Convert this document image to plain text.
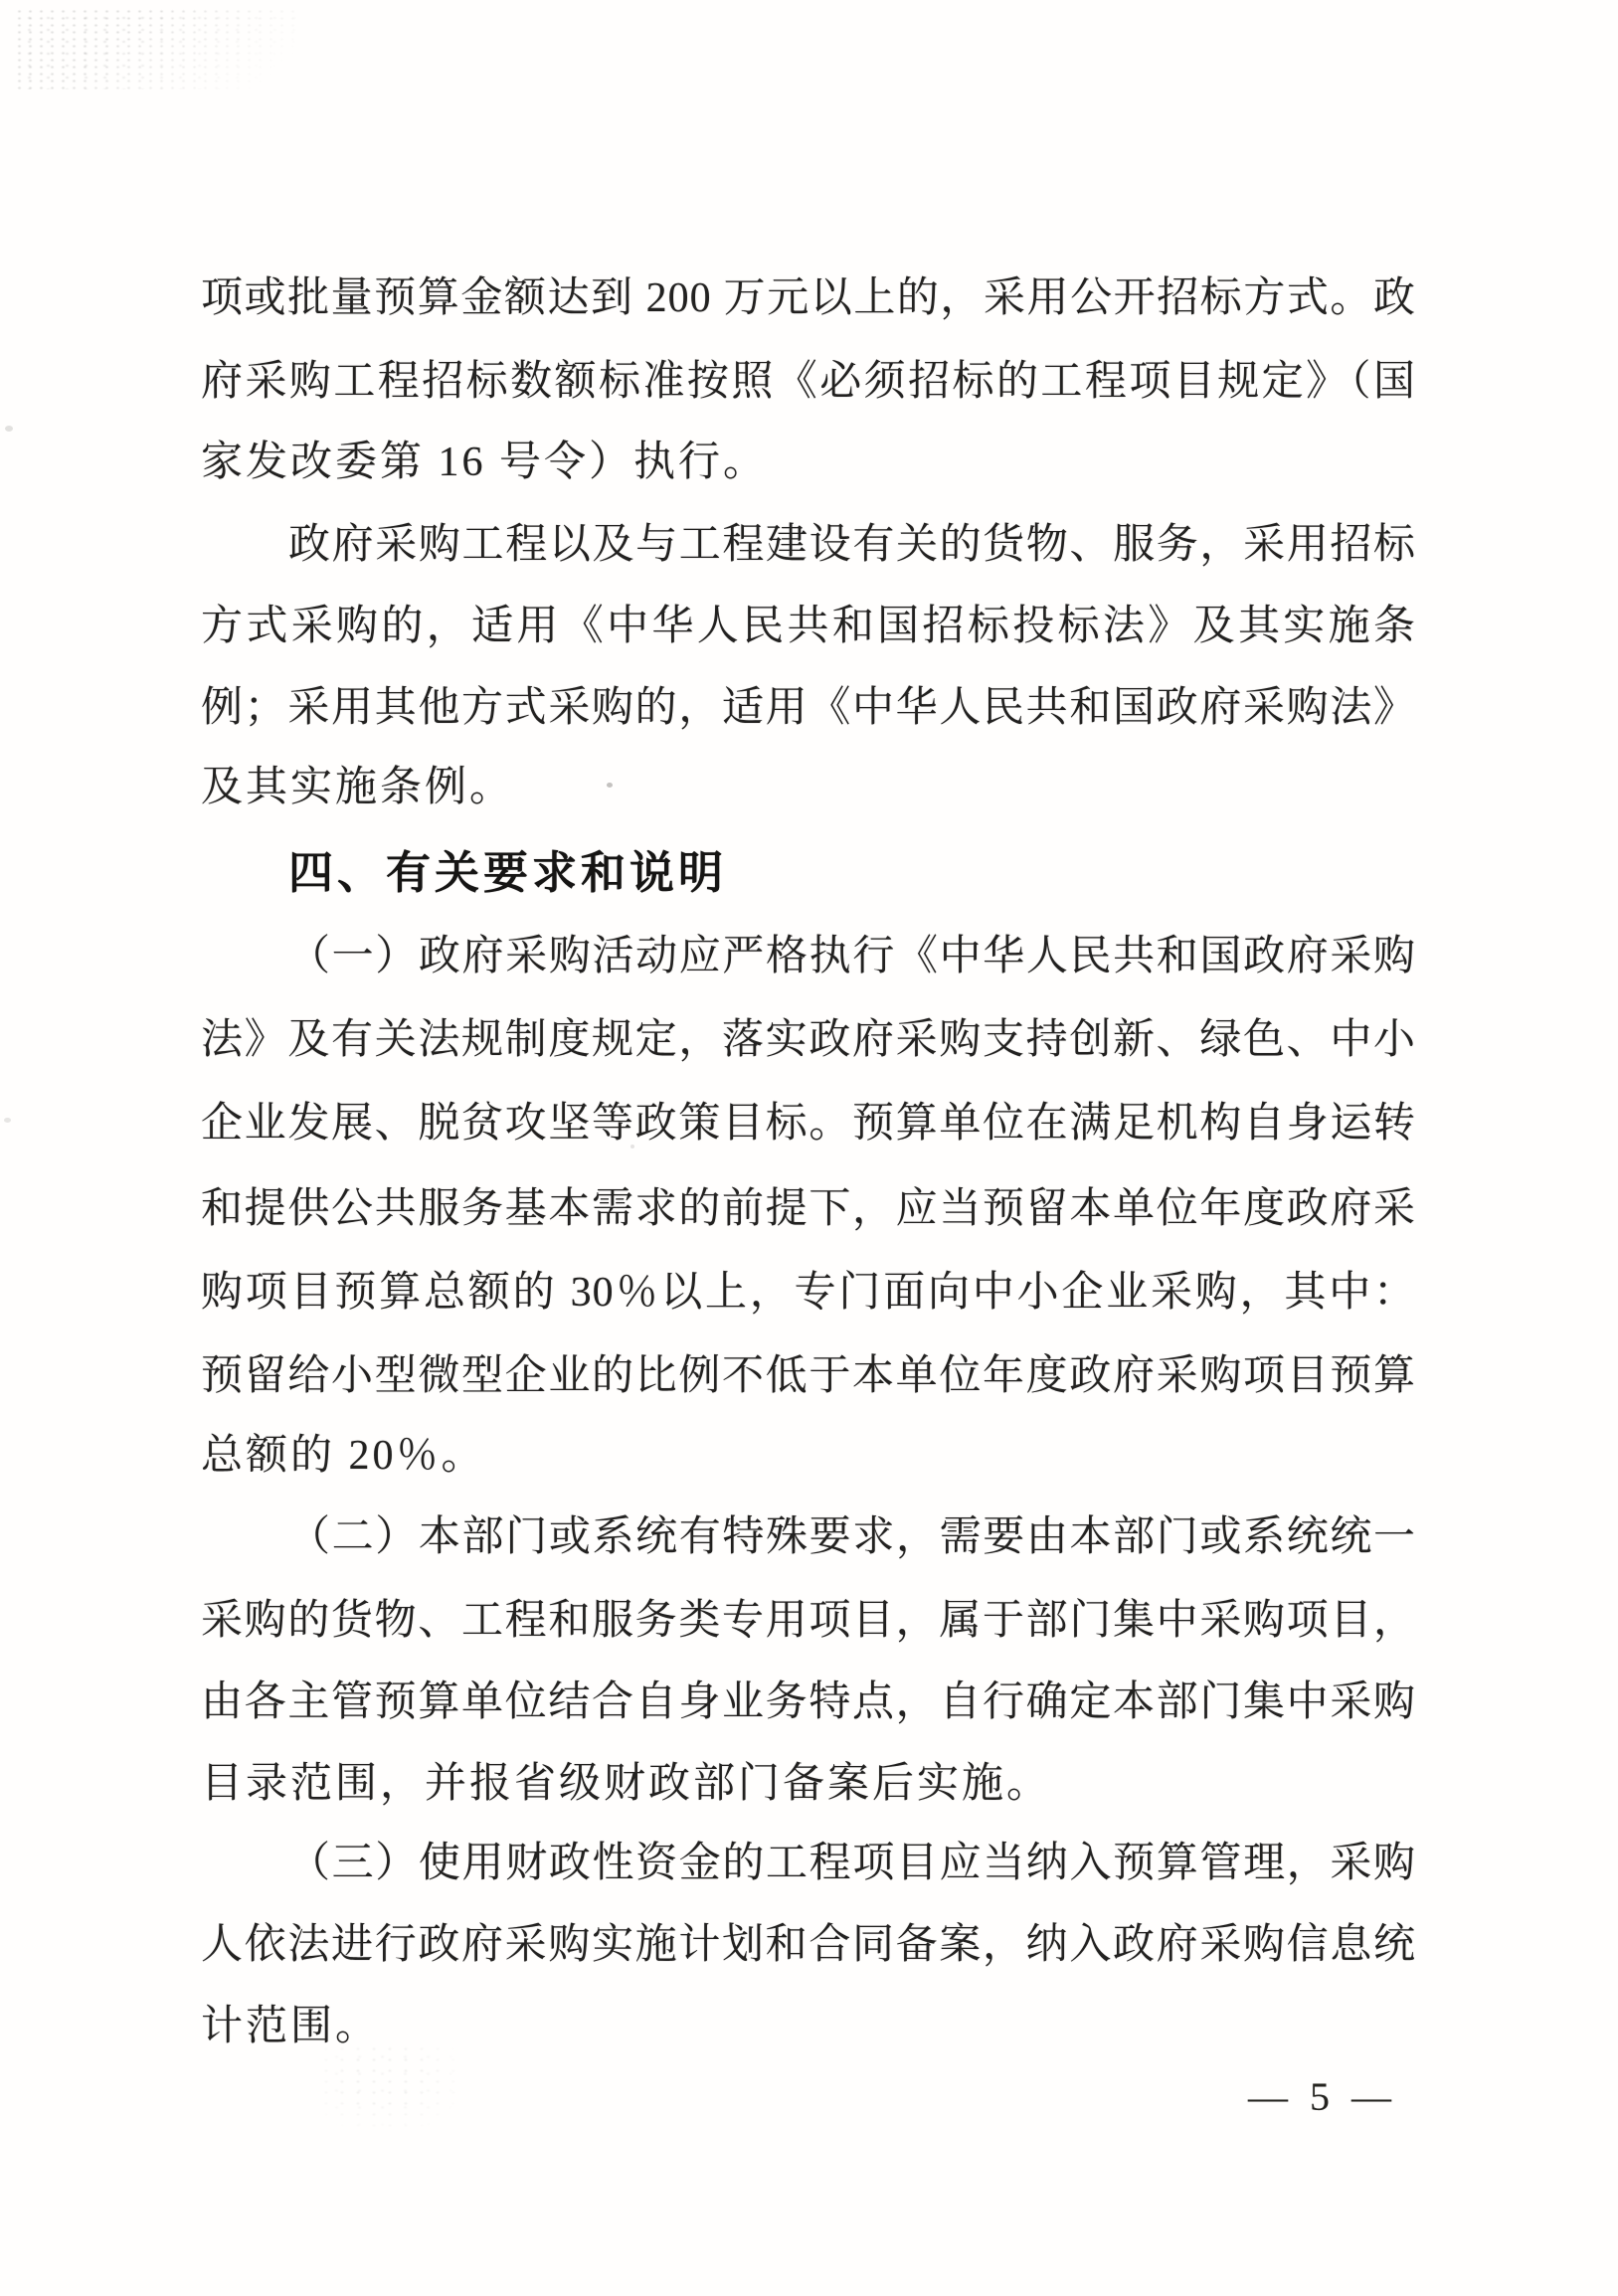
项或批量预算金额达到 200 万元以上的，采用公开招标方式。政
府采购工程招标数额标准按照《必须招标的工程项目规定》（国
家发改委第 16 号令）执行。
政府采购工程以及与工程建设有关的货物、服务，采用招标
方式采购的，适用《中华人民共和国招标投标法》及其实施条
例；采用其他方式采购的，适用《中华人民共和国政府采购法》
及其实施条例。
四、有关要求和说明
（一）政府采购活动应严格执行《中华人民共和国政府采购
法》及有关法规制度规定，落实政府采购支持创新、绿色、中小
企业发展、脱贫攻坚等政策目标。预算单位在满足机构自身运转
和提供公共服务基本需求的前提下，应当预留本单位年度政府采
购项目预算总额的 30％以上，专门面向中小企业采购，其中：
预留给小型微型企业的比例不低于本单位年度政府采购项目预算
总额的 20％。
（二）本部门或系统有特殊要求，需要由本部门或系统统一
采购的货物、工程和服务类专用项目，属于部门集中采购项目，
由各主管预算单位结合自身业务特点，自行确定本部门集中采购
目录范围，并报省级财政部门备案后实施。
（三）使用财政性资金的工程项目应当纳入预算管理，采购
人依法进行政府采购实施计划和合同备案，纳入政府采购信息统
计范围。
— 5 —
